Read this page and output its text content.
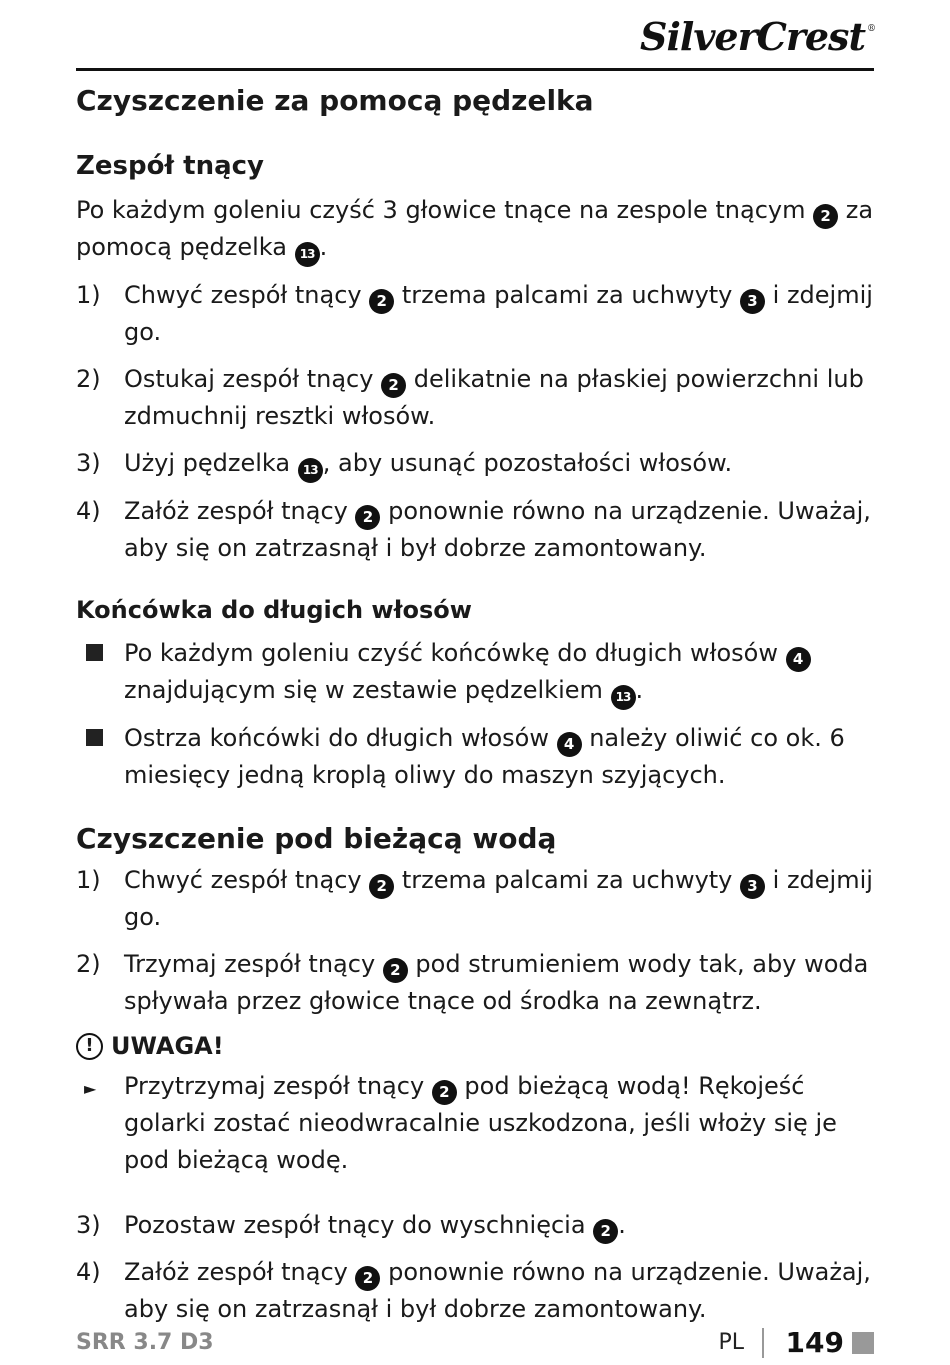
SilverCrest ®
Czyszczenie za pomocą pędzelka
Zespół tnący

Po każdym goleniu czyść 3 głowice tnące na zespole tnącym 2 za pomocą pędzelka 13 .

1) Chwyć zespół tnący 2 trzema palcami za uchwyty 3 i zdejmij go.
2) Ostukaj zespół tnący 2 delikatnie na płaskiej powierzchni lub zdmuchnij resztki włosów.
3) Użyj pędzelka 13 , aby usunąć pozostałości włosów.
4) Załóż zespół tnący 2 ponownie równo na urządzenie. Uważaj, aby się on zatrzasnął i był dobrze zamontowany.
Końcówka do długich włosów
Po każdym goleniu czyść końcówkę do długich włosów 4 znajdującym się w zestawie pędzelkiem 13 .
Ostrza końcówki do długich włosów 4 należy oliwić co ok. 6 miesięcy jedną kroplą oliwy do maszyn szyjących.
Czyszczenie pod bieżącą wodą
1) Chwyć zespół tnący 2 trzema palcami za uchwyty 3 i zdejmij go.
2) Trzymaj zespół tnący 2 pod strumieniem wody tak, aby woda spływała przez głowice tnące od środka na zewnątrz.
! UWAGA!
►	Przytrzymaj zespół tnący 2 pod bieżącą wodą! Rękojeść golarki zostać nieodwracalnie uszkodzona, jeśli włoży się je pod bieżącą wodę.
3) Pozostaw zespół tnący do wyschnięcia 2 .
4) Załóż zespół tnący 2 ponownie równo na urządzenie. Uważaj, aby się on zatrzasnął i był dobrze zamontowany.
SRR 3.7 D3	PL 149
